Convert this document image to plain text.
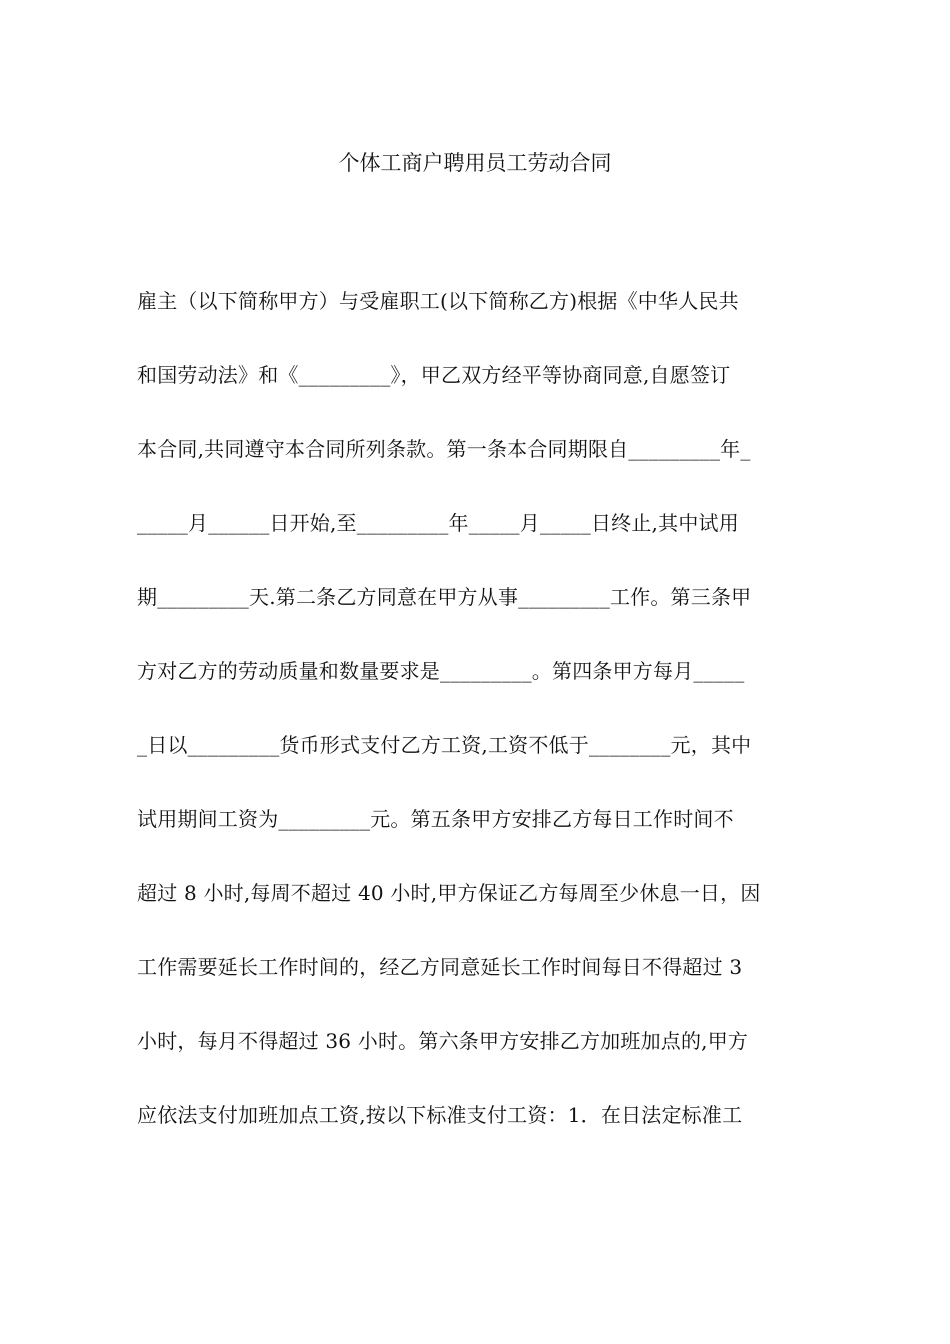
个体工商户聘用员工劳动合同
雇主（以下简称甲方）与受雇职工(以下简称乙方)根据《中华人民共
和国劳动法》和《_________》，甲乙双方经平等协商同意,自愿签订
本合同,共同遵守本合同所列条款。第一条本合同期限自_________年_
_____月______日开始,至_________年_____月_____日终止,其中试用
期_________天.第二条乙方同意在甲方从事_________工作。第三条甲
方对乙方的劳动质量和数量要求是_________。第四条甲方每月_____
_日以_________货币形式支付乙方工资,工资不低于________元，其中
试用期间工资为_________元。第五条甲方安排乙方每日工作时间不
超过 8 小时,每周不超过 40 小时,甲方保证乙方每周至少休息一日，因
工作需要延长工作时间的，经乙方同意延长工作时间每日不得超过 3
小时，每月不得超过 36 小时。第六条甲方安排乙方加班加点的,甲方
应依法支付加班加点工资,按以下标准支付工资：1．在日法定标准工
